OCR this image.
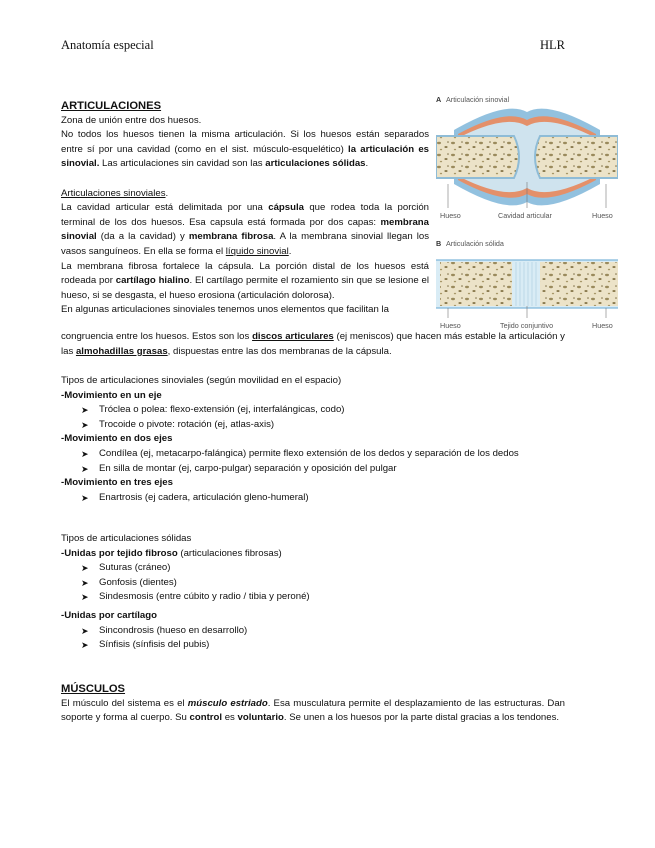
Anatomía especial	HLR
ARTICULACIONES

Zona de unión entre dos huesos.

No todos los huesos tienen la misma articulación. Si los huesos están separados entre sí por una cavidad (como en el sist. músculo-esquelético) la articulación es sinovial. Las articulaciones sin cavidad son las articulaciones sólidas.

Articulaciones sinoviales.

La cavidad articular está delimitada por una cápsula que rodea toda la porción terminal de los dos huesos. Esa capsula está formada por dos capas: membrana sinovial (da a la cavidad) y membrana fibrosa. A la membrana sinovial llegan los vasos sanguíneos. En ella se forma el líquido sinovial.

La membrana fibrosa fortalece la cápsula. La porción distal de los huesos está rodeada por cartílago hialino. El cartílago permite el rozamiento sin que se lesione el hueso, si se desgasta, el hueso erosiona (articulación dolorosa).

En algunas articulaciones sinoviales tenemos unos elementos que facilitan la

congruencia entre los huesos. Estos son los discos articulares (ej meniscos) que hacen más estable la articulación y las almohadillas grasas, dispuestas entre las dos membranas de la cápsula.
A Articulación sinovial
Hueso	Cavidad articular	Hueso
B Articulación sólida
Hueso	Tejido conjuntivo	Hueso

Tipos de articulaciones sinoviales (según movilidad en el espacio)

-Movimiento en un eje

➤ Tróclea o polea: flexo-extensión (ej, interfalángicas, codo)
➤ Trocoide o pivote: rotación (ej, atlas-axis)

-Movimiento en dos ejes

➤ Condílea (ej, metacarpo-falángica) permite flexo extensión de los dedos y separación de los dedos
➤ En silla de montar (ej, carpo-pulgar) separación y oposición del pulgar

-Movimiento en tres ejes

➤ Enartrosis (ej cadera, articulación gleno-humeral)

Tipos de articulaciones sólidas

-Unidas por tejido fibroso (articulaciones fibrosas)

➤ Suturas (cráneo)
➤ Gonfosis (dientes)
➤ Sindesmosis (entre cúbito y radio / tibia y peroné)

-Unidas por cartílago

➤ Sincondrosis (hueso en desarrollo)
➤ Sínfisis (sínfisis del pubis)
MÚSCULOS

El músculo del sistema es el músculo estriado. Esa musculatura permite el desplazamiento de las estructuras. Dan soporte y forma al cuerpo. Su control es voluntario. Se unen a los huesos por la parte distal gracias a los tendones.
